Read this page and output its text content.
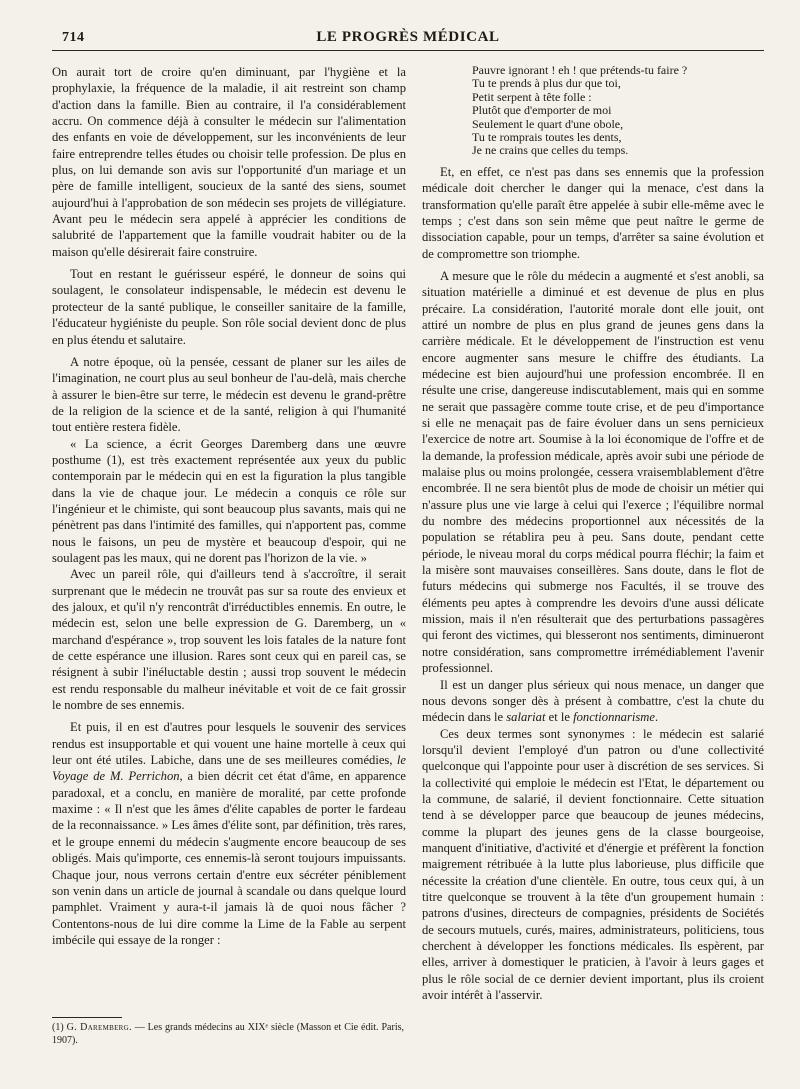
714	LE PROGRÈS MÉDICAL

On aurait tort de croire qu'en diminuant, par l'hygiène et la prophylaxie, la fréquence de la maladie, il ait restreint son champ d'action dans la famille. Bien au contraire, il l'a considérablement accru. On commence déjà à consulter le médecin sur l'alimentation des enfants en voie de développement, sur les inconvénients de leur faire entreprendre telles études ou choisir telle profession. De plus en plus, on lui demande son avis sur l'opportunité d'un mariage et un père de famille intelligent, soucieux de la santé des siens, soumet aujourd'hui à l'approbation de son médecin ses projets de villégiature. Avant peu le médecin sera appelé à apprécier les conditions de salubrité de l'appartement que la famille voudrait habiter ou de la maison qu'elle désirerait faire construire.

Tout en restant le guérisseur espéré, le donneur de soins qui soulagent, le consolateur indispensable, le médecin est devenu le protecteur de la santé publique, le conseiller sanitaire de la famille, l'éducateur hygiéniste du peuple. Son rôle social devient donc de plus en plus étendu et salutaire.

A notre époque, où la pensée, cessant de planer sur les ailes de l'imagination, ne court plus au seul bonheur de l'au-delà, mais cherche à assurer le bien-être sur terre, le médecin est devenu le grand-prêtre de la religion de la science et de la santé, religion à qui l'humanité tout entière restera fidèle.

« La science, a écrit Georges Daremberg dans une œuvre posthume (1), est très exactement représentée aux yeux du public contemporain par le médecin qui en est la figuration la plus tangible dans la vie de chaque jour. Le médecin a conquis ce rôle sur l'ingénieur et le chimiste, qui sont beaucoup plus savants, mais qui ne pénètrent pas dans l'intimité des familles, qui n'apportent pas, comme nous le faisons, un peu de mystère et beaucoup d'espoir, qui ne soulagent pas les maux, qui ne dorent pas l'horizon de la vie. »

Avec un pareil rôle, qui d'ailleurs tend à s'accroître, il serait surprenant que le médecin ne trouvât pas sur sa route des envieux et des jaloux, et qu'il n'y rencontrât d'irréductibles ennemis. En outre, le médecin est, selon une belle expression de G. Daremberg, un « marchand d'espérance », trop souvent les lois fatales de la nature font de cette espérance une illusion. Rares sont ceux qui en pareil cas, se résignent à subir l'inéluctable destin ; aussi trop souvent le médecin est rendu responsable du malheur inévitable et voit de ce fait grossir le nombre de ses ennemis.

Et puis, il en est d'autres pour lesquels le souvenir des services rendus est insupportable et qui vouent une haine mortelle à ceux qui leur ont été utiles. Labiche, dans une de ses meilleures comédies, le Voyage de M. Perrichon, a bien décrit cet état d'âme, en apparence paradoxal, et a conclu, en manière de moralité, par cette profonde maxime : « Il n'est que les âmes d'élite capables de porter le fardeau de la reconnaissance. » Les âmes d'élite sont, par définition, très rares, et le groupe ennemi du médecin s'augmente encore beaucoup de ses obligés. Mais qu'importe, ces ennemis-là seront toujours impuissants. Chaque jour, nous verrons certain d'entre eux sécréter péniblement son venin dans un article de journal à scandale ou dans quelque lourd pamphlet. Vraiment y aura-t-il jamais là de quoi nous fâcher ? Contentons-nous de lui dire comme la Lime de la Fable au serpent imbécile qui essaye de la ronger :

Pauvre ignorant ! eh ! que prétends-tu faire ?
Tu te prends à plus dur que toi,
Petit serpent à tête folle :
Plutôt que d'emporter de moi
Seulement le quart d'une obole,
Tu te romprais toutes les dents,
Je ne crains que celles du temps.

Et, en effet, ce n'est pas dans ses ennemis que la profession médicale doit chercher le danger qui la menace, c'est dans la transformation qu'elle paraît être appelée à subir elle-même avec le temps ; c'est dans son sein même que peut naître le germe de dissociation capable, pour un temps, d'arrêter sa saine évolution et de compromettre son triomphe.

A mesure que le rôle du médecin a augmenté et s'est anobli, sa situation matérielle a diminué et est devenue de plus en plus précaire. La considération, l'autorité morale dont elle jouit, ont attiré un nombre de plus en plus grand de jeunes gens dans la carrière médicale. Et le développement de l'instruction est venu encore augmenter sans mesure le chiffre des étudiants. La médecine est bien aujourd'hui une profession encombrée. Il en résulte une crise, dangereuse indiscutablement, mais qui en somme ne serait que passagère comme toute crise, et de peu d'importance si elle ne menaçait pas de faire évoluer dans un sens pernicieux l'exercice de notre art. Soumise à la loi économique de l'offre et de la demande, la profession médicale, après avoir subi une période de malaise plus ou moins prolongée, cessera vraisemblablement d'être encombrée. Il ne sera bientôt plus de mode de choisir un métier qui n'assure plus une vie large à celui qui l'exerce ; l'équilibre normal du nombre des médecins proportionnel aux nécessités de la population se rétablira peu à peu. Sans doute, pendant cette période, le niveau moral du corps médical pourra fléchir; la faim et la misère sont mauvaises conseillères. Sans doute, dans le flot de futurs médecins qui submerge nos Facultés, il se trouve des éléments peu aptes à comprendre les devoirs d'une aussi délicate mission, mais il n'en résulterait que des perturbations passagères qui feront des victimes, qui blesseront nos sentiments, diminueront notre considération, sans compromettre irrémédiablement l'avenir professionnel.

Il est un danger plus sérieux qui nous menace, un danger que nous devons songer dès à présent à combattre, c'est la chute du médecin dans le salariat et le fonctionnarisme.

Ces deux termes sont synonymes : le médecin est salarié lorsqu'il devient l'employé d'un patron ou d'une collectivité quelconque qui l'appointe pour user à discrétion de ses services. Si la collectivité qui emploie le médecin est l'Etat, le département ou la commune, de salarié, il devient fonctionnaire. Cette situation tend à se développer parce que beaucoup de jeunes médecins, comme la plupart des jeunes gens de la classe bourgeoise, manquent d'initiative, d'activité et d'énergie et préfèrent la fonction maigrement rétribuée à la lutte plus laborieuse, plus difficile que nécessite la création d'une clientèle. En outre, tous ceux qui, à un titre quelconque se trouvent à la tête d'un groupement humain : patrons d'usines, directeurs de compagnies, présidents de Sociétés de secours mutuels, curés, maires, administrateurs, politiciens, tous cherchent à développer les fonctions médicales. Ils espèrent, par elles, arriver à domestiquer le praticien, à l'avoir à leurs gages et plus le rôle social de ce dernier devient important, plus ils croient avoir intérêt à l'asservir.

(1) G. Daremberg. — Les grands médecins au XIXᵉ siècle (Masson et Cie édit. Paris, 1907).
